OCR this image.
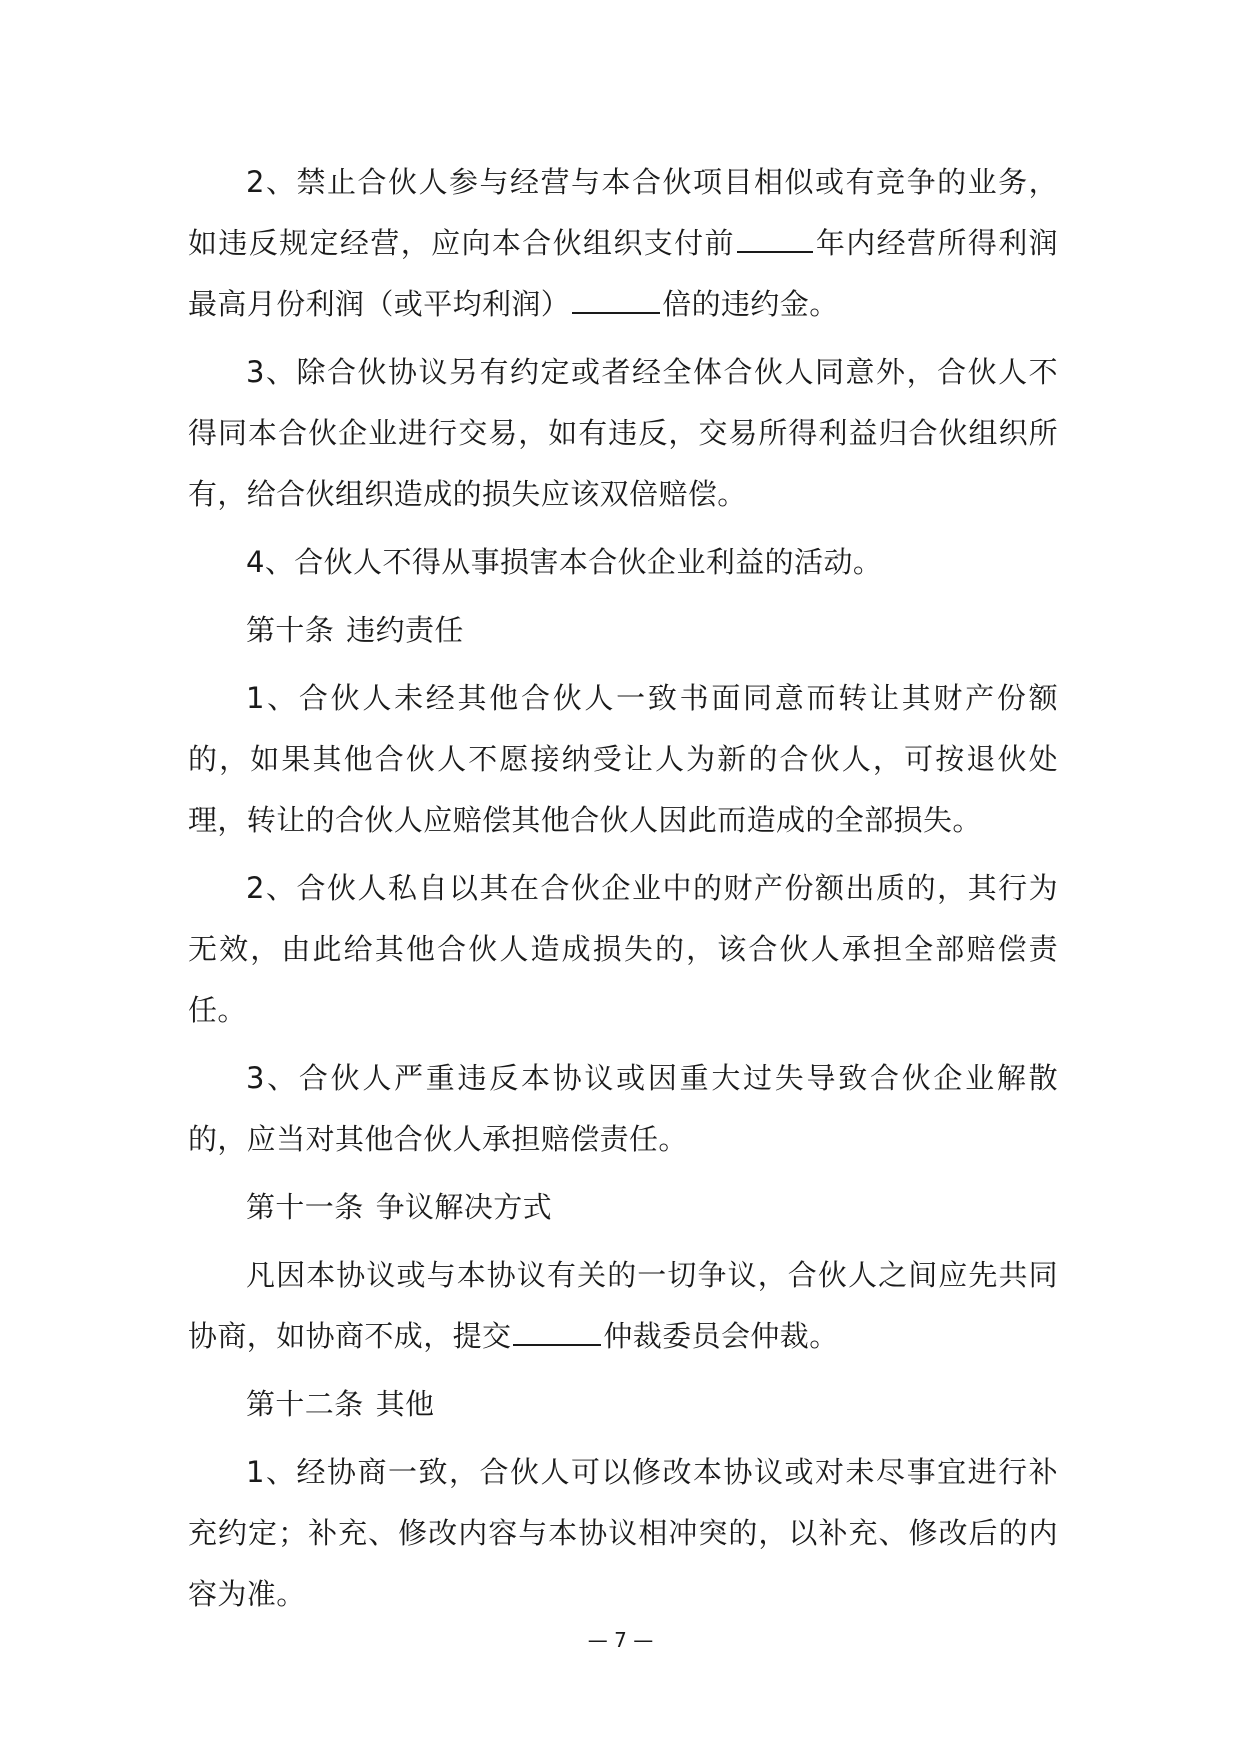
2、禁止合伙人参与经营与本合伙项目相似或有竞争的业务，如违反规定经营，应向本合伙组织支付前	年内经营所得利润最高月份利润（或平均利润）	倍的违约金。

3、除合伙协议另有约定或者经全体合伙人同意外，合伙人不得同本合伙企业进行交易，如有违反，交易所得利益归合伙组织所有，给合伙组织造成的损失应该双倍赔偿。

4、合伙人不得从事损害本合伙企业利益的活动。

第十条 违约责任

1、合伙人未经其他合伙人一致书面同意而转让其财产份额的，如果其他合伙人不愿接纳受让人为新的合伙人，可按退伙处理，转让的合伙人应赔偿其他合伙人因此而造成的全部损失。

2、合伙人私自以其在合伙企业中的财产份额出质的，其行为无效，由此给其他合伙人造成损失的，该合伙人承担全部赔偿责任。

3、合伙人严重违反本协议或因重大过失导致合伙企业解散的，应当对其他合伙人承担赔偿责任。

第十一条 争议解决方式

凡因本协议或与本协议有关的一切争议，合伙人之间应先共同协商，如协商不成，提交	仲裁委员会仲裁。

第十二条 其他

1、经协商一致，合伙人可以修改本协议或对未尽事宜进行补充约定；补充、修改内容与本协议相冲突的，以补充、修改后的内容为准。

— 7 —
